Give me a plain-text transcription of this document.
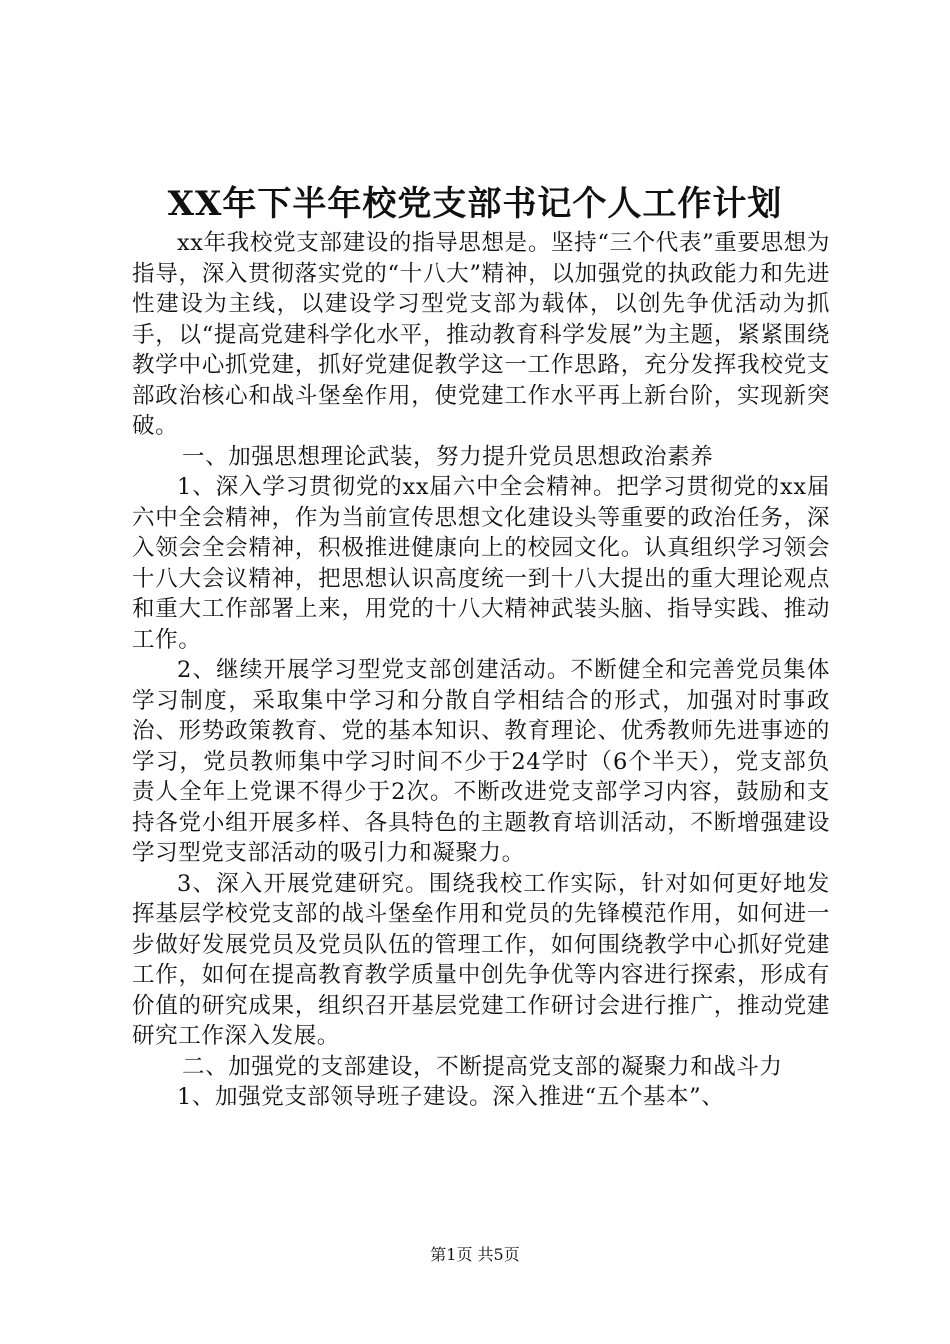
XX年下半年校党支部书记个人工作计划

xx年我校党支部建设的指导思想是。坚持“三个代表”重要思想为指导，深入贯彻落实党的“十八大”精神，以加强党的执政能力和先进性建设为主线，以建设学习型党支部为载体，以创先争优活动为抓手，以“提高党建科学化水平，推动教育科学发展”为主题，紧紧围绕教学中心抓党建，抓好党建促教学这一工作思路，充分发挥我校党支部政治核心和战斗堡垒作用，使党建工作水平再上新台阶，实现新突破。

一、加强思想理论武装，努力提升党员思想政治素养

1、深入学习贯彻党的xx届六中全会精神。把学习贯彻党的xx届六中全会精神，作为当前宣传思想文化建设头等重要的政治任务，深入领会全会精神，积极推进健康向上的校园文化。认真组织学习领会十八大会议精神，把思想认识高度统一到十八大提出的重大理论观点和重大工作部署上来，用党的十八大精神武装头脑、指导实践、推动工作。

2、继续开展学习型党支部创建活动。不断健全和完善党员集体学习制度，采取集中学习和分散自学相结合的形式，加强对时事政治、形势政策教育、党的基本知识、教育理论、优秀教师先进事迹的学习，党员教师集中学习时间不少于24学时（6个半天），党支部负责人全年上党课不得少于2次。不断改进党支部学习内容，鼓励和支持各党小组开展多样、各具特色的主题教育培训活动，不断增强建设学习型党支部活动的吸引力和凝聚力。

3、深入开展党建研究。围绕我校工作实际，针对如何更好地发挥基层学校党支部的战斗堡垒作用和党员的先锋模范作用，如何进一步做好发展党员及党员队伍的管理工作，如何围绕教学中心抓好党建工作，如何在提高教育教学质量中创先争优等内容进行探索，形成有价值的研究成果，组织召开基层党建工作研讨会进行推广，推动党建研究工作深入发展。

二、加强党的支部建设，不断提高党支部的凝聚力和战斗力

1、加强党支部领导班子建设。深入推进“五个基本”、

第1页 共5页
